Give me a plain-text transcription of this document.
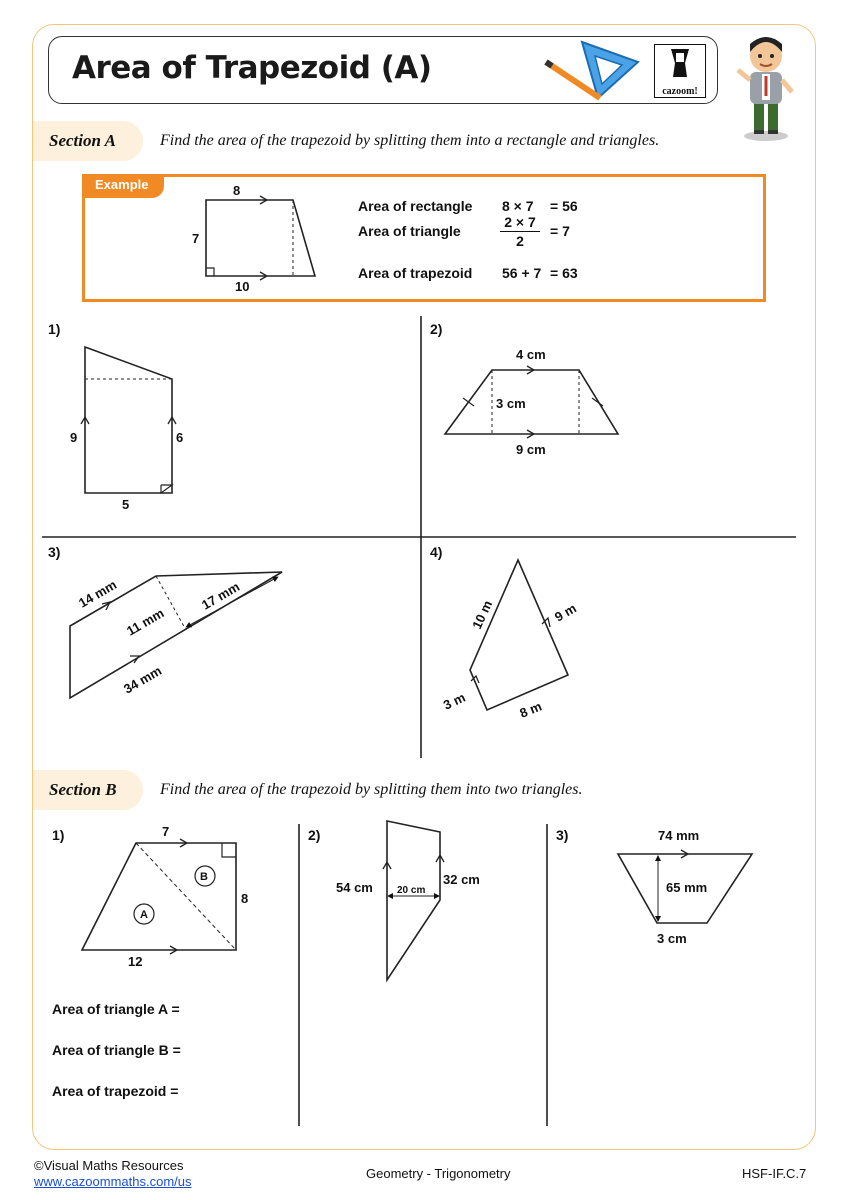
Area of Trapezoid (A)
cazoom!
Section A	Find the area of the trapezoid by splitting them into a rectangle and triangles.
Example
Area of rectangle 8 × 7 = 56
Area of triangle
2 × 7
2
= 7
Area of trapezoid 56 + 7 = 63
1)	2)
3)	4)
Section B	Find the area of the trapezoid by splitting them into two triangles.
1)	2)	3)
Area of triangle A =
Area of triangle B =
Area of trapezoid =
8
7
10
9	6
5
4 cm
3 cm
9 cm
14 mm
11 mm
17 mm
34 mm
10 m	9 m
3 m	8 m
7
8
12
B
A
54 cm 20 cm
32 cm
74 mm
65 mm
3 cm
©Visual Maths Resources
www.cazoommaths.com/us
Geometry - Trigonometry	HSF-IF.C.7
